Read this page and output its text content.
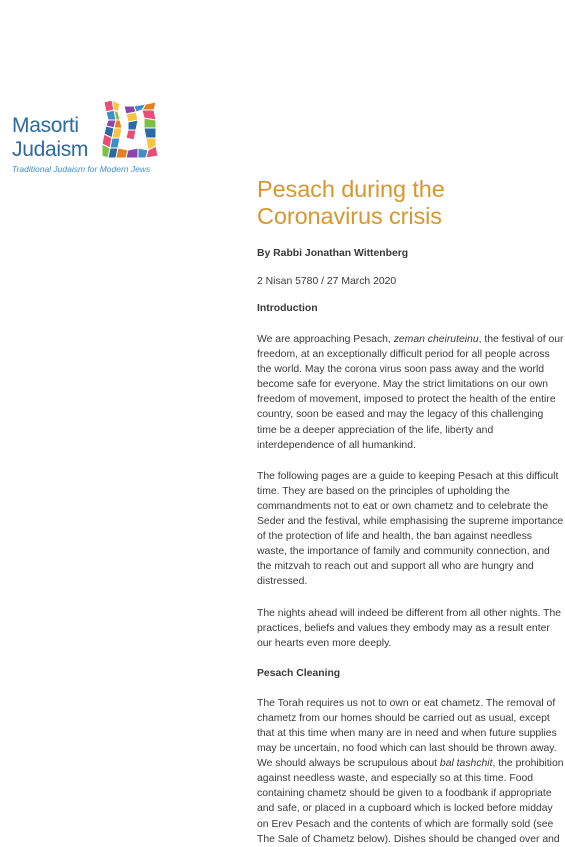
Masorti
Judaism
Traditional Judaism for Modern Jews
Pesach during the
Coronavirus crisis
By Rabbi Jonathan Wittenberg
2 Nisan 5780 / 27 March 2020
Introduction
We are approaching Pesach, zeman cheiruteinu, the festival of our
freedom, at an exceptionally difficult period for all people across
the world. May the corona virus soon pass away and the world
become safe for everyone. May the strict limitations on our own
freedom of movement, imposed to protect the health of the entire
country, soon be eased and may the legacy of this challenging
time be a deeper appreciation of the life, liberty and
interdependence of all humankind.
The following pages are a guide to keeping Pesach at this difficult
time. They are based on the principles of upholding the
commandments not to eat or own chametz and to celebrate the
Seder and the festival, while emphasising the supreme importance
of the protection of life and health, the ban against needless
waste, the importance of family and community connection, and
the mitzvah to reach out and support all who are hungry and
distressed.
The nights ahead will indeed be different from all other nights. The
practices, beliefs and values they embody may as a result enter
our hearts even more deeply.
Pesach Cleaning
The Torah requires us not to own or eat chametz. The removal of
chametz from our homes should be carried out as usual, except
that at this time when many are in need and when future supplies
may be uncertain, no food which can last should be thrown away.
We should always be scrupulous about bal tashchit, the prohibition
against needless waste, and especially so at this time. Food
containing chametz should be given to a foodbank if appropriate
and safe, or placed in a cupboard which is locked before midday
on Erev Pesach and the contents of which are formally sold (see
The Sale of Chametz below). Dishes should be changed over and
